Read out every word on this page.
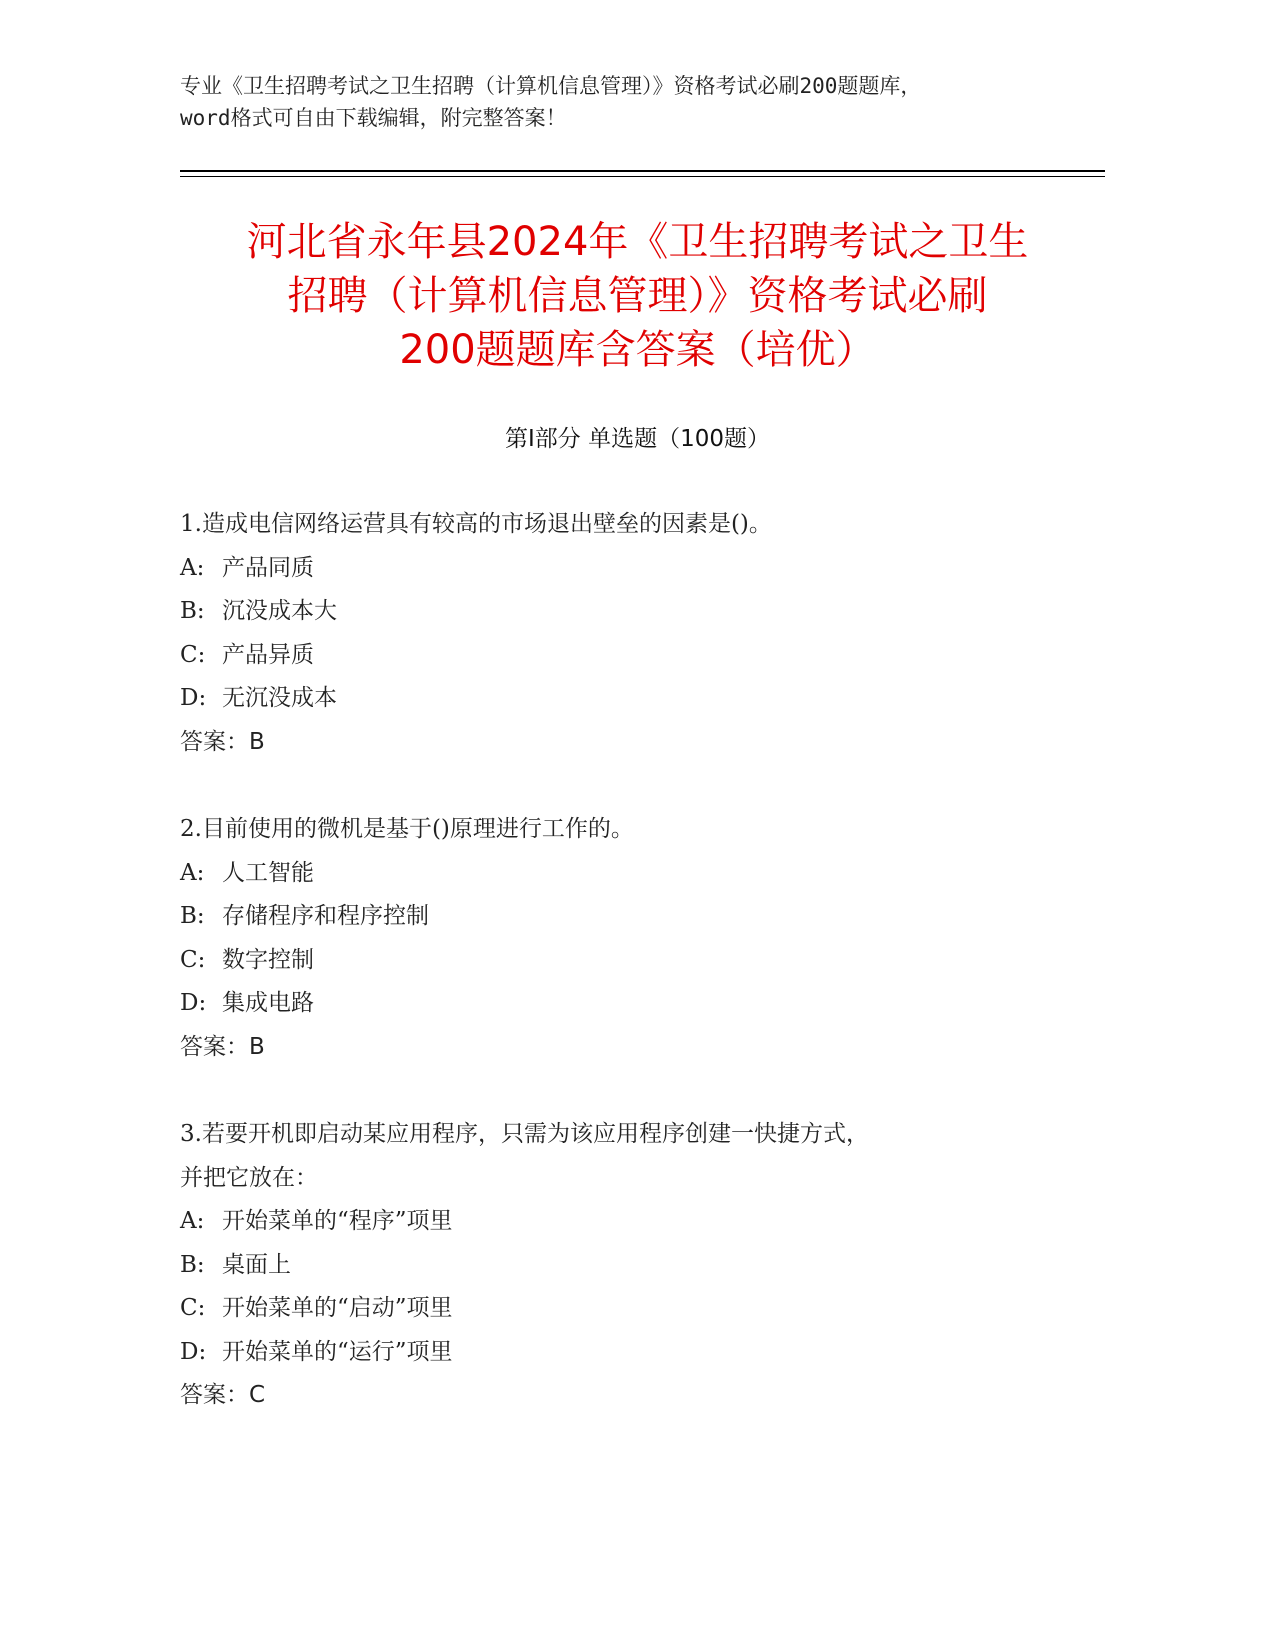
专业《卫生招聘考试之卫生招聘（计算机信息管理）》资格考试必刷200题题库，
word格式可自由下载编辑，附完整答案！
河北省永年县2024年《卫生招聘考试之卫生
招聘（计算机信息管理）》资格考试必刷
200题题库含答案（培优）
第Ⅰ部分 单选题（100题）
1.造成电信网络运营具有较高的市场退出壁垒的因素是()。
A: 产品同质
B: 沉没成本大
C: 产品异质
D: 无沉没成本
答案：B
2.目前使用的微机是基于()原理进行工作的。
A: 人工智能
B: 存储程序和程序控制
C: 数字控制
D: 集成电路
答案：B
3.若要开机即启动某应用程序，只需为该应用程序创建一快捷方式，
并把它放在：
A: 开始菜单的“程序”项里
B: 桌面上
C: 开始菜单的“启动”项里
D: 开始菜单的“运行”项里
答案：C
